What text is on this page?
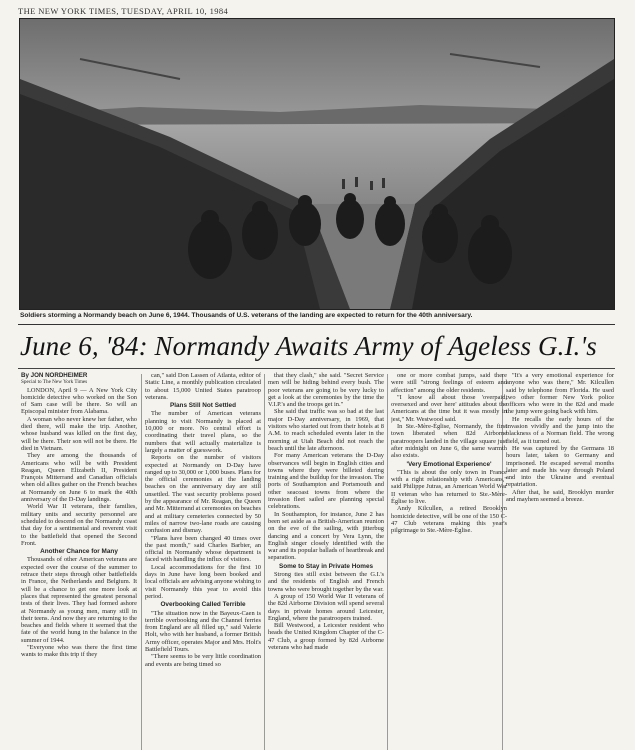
THE NEW YORK TIMES, TUESDAY, APRIL 10, 1984
Soldiers storming a Normandy beach on June 6, 1944. Thousands of U.S. veterans of the landing are expected to return for the 40th anniversary.
June 6, '84: Normandy Awaits Army of Ageless G.I.'s

By JON NORDHEIMER

Special to The New York Times

LONDON, April 9 — A New York City homicide detective who worked on the Son of Sam case will be there. So will an Episcopal minister from Alabama.

A woman who never knew her father, who died there, will make the trip. Another, whose husband was killed on the first day, will be there. Their son will not be there. He died in Vietnam.

They are among the thousands of Americans who will be with President Reagan, Queen Elizabeth II, President François Mitterrand and Canadian officials when old allies gather on the French beaches at Normandy on June 6 to mark the 40th anniversary of the D-Day landings.

World War II veterans, their families, military units and security personnel are scheduled to descend on the Normandy coast that day for a sentimental and reverent visit to the battlefield that opened the Second Front.

Another Chance for Many

Thousands of other American veterans are expected over the course of the summer to retrace their steps through other battlefields in France, the Netherlands and Belgium. It will be a chance to get one more look at places that represented the greatest personal tests of their lives. They had formed ashore at Normandy as young men, many still in their teens. And now they are returning to the beaches and fields where it seemed that the fate of the world hung in the balance in the summer of 1944.

"Everyone who was there the first time wants to make this trip if they

can," said Don Lassen of Atlanta, editor of Static Line, a monthly publication circulated to about 15,000 United States paratroop veterans.

Plans Still Not Settled

The number of American veterans planning to visit Normandy is placed at 10,000 or more. No central effort is coordinating their travel plans, so the numbers that will actually materialize is largely a matter of guesswork.

Reports on the number of visitors expected at Normandy on D-Day have ranged up to 30,000 or 1,000 buses. Plans for the official ceremonies at the landing beaches on the anniversary day are still unsettled. The vast security problems posed by the appearance of Mr. Reagan, the Queen and Mr. Mitterrand at ceremonies on beaches and at military cemeteries connected by 50 miles of narrow two-lane roads are causing confusion and dismay.

"Plans have been changed 40 times over the past month," said Charles Barbier, an official in Normandy whose department is faced with handling the influx of visitors.

Local accommodations for the first 10 days in June have long been booked and local officials are advising anyone wishing to visit Normandy this year to avoid this period.

Overbooking Called Terrible

"The situation now in the Bayeux-Caen is terrible overbooking and the Channel ferries from England are all filled up," said Valerie Holt, who with her husband, a former British Army officer, operates Major and Mrs. Holt's Battlefield Tours.

"There seems to be very little coordination and events are being timed so

that they clash," she said. "Secret Service men will be hiding behind every bush. The poor veterans are going to be very lucky to get a look at the ceremonies by the time the V.I.P.'s and the troops get in."

She said that traffic was so bad at the last major D-Day anniversary, in 1969, that visitors who started out from their hotels at 8 A.M. to reach scheduled events later in the morning at Utah Beach did not reach the beach until the late afternoon.

For many American veterans the D-Day observances will begin in English cities and towns where they were billeted during training and the buildup for the invasion. The ports of Southampton and Portsmouth and other seacoast towns from where the invasion fleet sailed are planning special celebrations.

In Southampton, for instance, June 2 has been set aside as a British-American reunion on the eve of the sailing, with jitterbug dancing and a concert by Vera Lynn, the English singer closely identified with the war and its popular ballads of heartbreak and separation.

Some to Stay in Private Homes

Strong ties still exist between the G.I.'s and the residents of English and French towns who were brought together by the war.

A group of 150 World War II veterans of the 82d Airborne Division will spend several days in private homes around Leicester, England, where the paratroopers trained.

Bill Westwood, a Leicester resident who heads the United Kingdom Chapter of the C-47 Club, a group formed by 82d Airborne veterans who had made

one or more combat jumps, said there were still "strong feelings of esteem and affection" among the older residents.

"I know all about those 'overpaid, oversexed and over here' attitudes about the Americans at the time but it was mostly in jest," Mr. Westwood said.

In Ste.-Mère-Église, Normandy, the first town liberated when 82d Airborne paratroopers landed in the village square just after midnight on June 6, the same warmth also exists.

'Very Emotional Experience'

"This is about the only town in France with a right relationship with Americans," said Philippe Jutras, an American World War II veteran who has returned to Ste.-Mère-Église to live.

Andy Kilcullen, a retired Brooklyn homicide detective, will be one of the 150 C-47 Club veterans making this year's pilgrimage to Ste.-Mère-Église.

"It's a very emotional experience for anyone who was there," Mr. Kilcullen said by telephone from Florida. He used two other former New York police officers who were in the 82d and made the jump were going back with him.

He recalls the early hours of the invasion vividly and the jump into the blackness of a Norman field. The wrong field, as it turned out.

He was captured by the Germans 18 hours later, taken to Germany and imprisoned. He escaped several months later and made his way through Poland and into the Ukraine and eventual repatriation.

After that, he said, Brooklyn murder and mayhem seemed a breeze.
